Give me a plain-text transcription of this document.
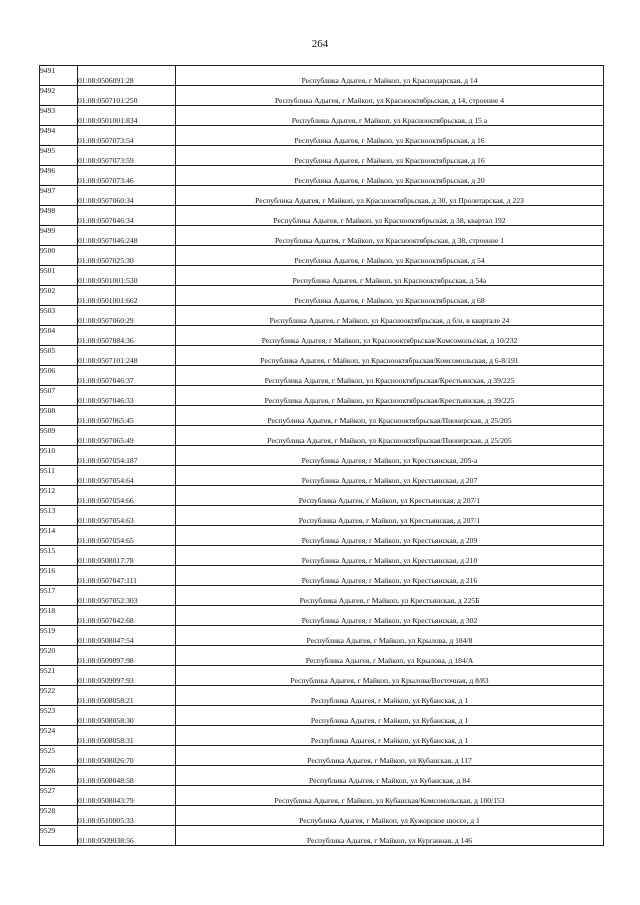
264
9491	01:08:0506091:28	Республика Адыгея, г Майкоп, ул Краснодарская, д 14
9492	01:08:0507101:250	Республика Адыгея, г Майкоп, ул Краснооктябрьская, д 14, строение 4
9493	01:08:0501001:834	Республика Адыгея, г Майкоп, ул Краснооктябрьская, д 15 а
9494	01:08:0507073:54	Республика Адыгея, г Майкоп, ул Краснооктябрьская, д 16
9495	01:08:0507073:59	Республика Адыгея, г Майкоп, ул Краснооктябрьская, д 16
9496	01:08:0507073:46	Республика Адыгея, г Майкоп, ул Краснооктябрьская, д 20
9497	01:08:0507060:34	Республика Адыгея, г Майкоп, ул Краснооктябрьская, д 30, ул Пролетарская, д 223
9498	01:08:0507046:34	Республика Адыгея, г Майкоп, ул Краснооктябрьская, д 38, квартал 192
9499	01:08:0507046:248	Республика Адыгея, г Майкоп, ул Краснооктябрьская, д 38, строение 1
9500	01:08:0507025:30	Республика Адыгея, г Майкоп, ул Краснооктябрьская, д 54
9501	01:08:0501001:530	Республика Адыгея, г Майкоп, ул Краснооктябрьская, д 54а
9502	01:08:0501001:662	Республика Адыгея, г Майкоп, ул Краснооктябрьская, д 68
9503	01:08:0507060:29	Республика Адыгея, г Майкоп, ул Краснооктябрьская, д б/н, в квартале 24
9504	01:08:0507084:36	Республика Адыгея, г Майкоп, ул Краснооктябрьская/Комсомольская, д 10/232
9505	01:08:0507101:248	Республика Адыгея, г Майкоп, ул Краснооктябрьская/Комсомольская, д 6-8/191
9506	01:08:0507046:37	Республика Адыгея, г Майкоп, ул Краснооктябрьская/Крестьянская, д 39/225
9507	01:08:0507046:33	Республика Адыгея, г Майкоп, ул Краснооктябрьская/Крестьянская, д 39/225
9508	01:08:0507065:45	Республика Адыгея, г Майкоп, ул Краснооктябрьская/Пионерская, д 25/205
9509	01:08:0507065:49	Республика Адыгея, г Майкоп, ул Краснооктябрьская/Пионерская, д 25/205
9510	01:08:0507054:187	Республика Адыгея, г Майкоп, ул Крестьянская, 205-а
9511	01:08:0507054:64	Республика Адыгея, г Майкоп, ул Крестьянская, д 207
9512	01:08:0507054:66	Республика Адыгея, г Майкоп, ул Крестьянская, д 207/1
9513	01:08:0507054:63	Республика Адыгея, г Майкоп, ул Крестьянская, д 207/1
9514	01:08:0507054:65	Республика Адыгея, г Майкоп, ул Крестьянская, д 209
9515	01:08:0508017:78	Республика Адыгея, г Майкоп, ул Крестьянская, д 210
9516	01:08:0507047:111	Республика Адыгея, г Майкоп, ул Крестьянская, д 216
9517	01:08:0507052:303	Республика Адыгея, г Майкоп, ул Крестьянская, д 225Б
9518	01:08:0507042:68	Республика Адыгея, г Майкоп, ул Крестьянская, д 302
9519	01:08:0508047:54	Республика Адыгея, г Майкоп, ул Крылова, д 184/8
9520	01:08:0509097:98	Республика Адыгея, г Майкоп, ул Крылова, д 184/А
9521	01:08:0509097:93	Республика Адыгея, г Майкоп, ул Крылова/Восточная, д 8/83
9522	01:08:0508058:21	Республика Адыгея, г Майкоп, ул Кубанская, д 1
9523	01:08:0508058:30	Республика Адыгея, г Майкоп, ул Кубанская, д 1
9524	01:08:0508058:31	Республика Адыгея, г Майкоп, ул Кубанская, д 1
9525	01:08:0508026:70	Республика Адыгея, г Майкоп, ул Кубанская, д 117
9526	01:08:0508048:58	Республика Адыгея, г Майкоп, ул Кубанская, д 84
9527	01:08:0508043:79	Республика Адыгея, г Майкоп, ул Кубанская/Комсомольская, д 100/153
9528	01:08:0510005:33	Республика Адыгея, г Майкоп, ул Кужорское шоссе, д 1
9529	01:08:0509038:56	Республика Адыгея, г Майкоп, ул Курганная, д 146
